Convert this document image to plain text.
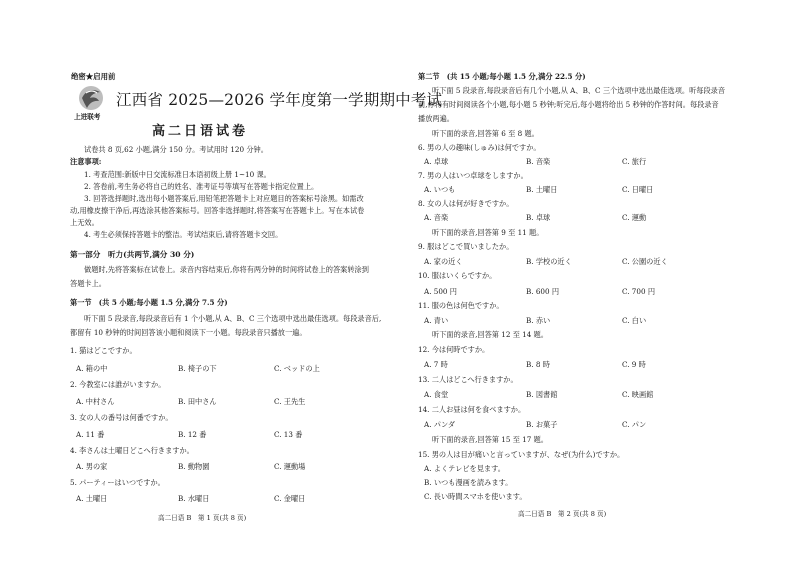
绝密★启用前
上进联考
江西省 2025—2026 学年度第一学期期中考试
高二日语试卷
试卷共 8 页,62 小题,满分 150 分。考试用时 120 分钟。
注意事项:
1. 考查范围:新版中日交流标准日本语初级上册 1~10 课。
2. 答卷前,考生务必将自己的姓名、准考证号等填写在答题卡指定位置上。
3. 回答选择题时,选出每小题答案后,用铅笔把答题卡上对应题目的答案标号涂黑。如需改
动,用橡皮擦干净后,再选涂其他答案标号。回答非选择题时,将答案写在答题卡上。写在本试卷
上无效。
4. 考生必须保持答题卡的整洁。考试结束后,请将答题卡交回。
第一部分　听力(共两节,满分 30 分)
做题时,先将答案标在试卷上。录音内容结束后,你将有两分钟的时间将试卷上的答案转涂到
答题卡上。
第一节　(共 5 小题;每小题 1.5 分,满分 7.5 分)
听下面 5 段录音,每段录音后有 1 个小题,从 A、B、C 三个选项中选出最佳选项。每段录音后,
都留有 10 秒钟的时间回答该小题和阅读下一小题。每段录音只播放一遍。
1. 猫はどこですか。
A. 箱の中	B. 椅子の下	C. ベッドの上
2. 今教室には誰がいますか。
A. 中村さん	B. 田中さん	C. 王先生
3. 女の人の番号は何番ですか。
A. 11 番	B. 12 番	C. 13 番
4. 李さんは土曜日どこへ行きますか。
A. 男の家	B. 動物園	C. 運動場
5. パーティーはいつですか。
A. 土曜日	B. 水曜日	C. 金曜日
高二日语 B　第 1 页(共 8 页)
第二节　(共 15 小题;每小题 1.5 分,满分 22.5 分)
听下面 5 段录音,每段录音后有几个小题,从 A、B、C 三个选项中选出最佳选项。听每段录音
前,你将有时间阅读各个小题,每小题 5 秒钟;听完后,每小题将给出 5 秒钟的作答时间。每段录音
播放两遍。
听下面的录音,回答第 6 至 8 题。
6. 男の人の趣味(しゅみ)は何ですか。
A. 卓球	B. 音楽	C. 旅行
7. 男の人はいつ卓球をしますか。
A. いつも	B. 土曜日	C. 日曜日
8. 女の人は何が好きですか。
A. 音楽	B. 卓球	C. 運動
听下面的录音,回答第 9 至 11 题。
9. 服はどこで買いましたか。
A. 家の近く	B. 学校の近く	C. 公園の近く
10. 服はいくらですか。
A. 500 円	B. 600 円	C. 700 円
11. 服の色は何色ですか。
A. 青い	B. 赤い	C. 白い
听下面的录音,回答第 12 至 14 题。
12. 今は何時ですか。
A. 7 時	B. 8 時	C. 9 時
13. 二人はどこへ行きますか。
A. 食堂	B. 図書館	C. 映画館
14. 二人お昼は何を食べますか。
A. パンダ	B. お菓子	C. パン
听下面的录音,回答第 15 至 17 题。
15. 男の人は目が痛いと言っていますが、なぜ(为什么)ですか。
A. よくテレビを見ます。
B. いつも漫画を読みます。
C. 長い時間スマホを使います。
高二日语 B　第 2 页(共 8 页)
